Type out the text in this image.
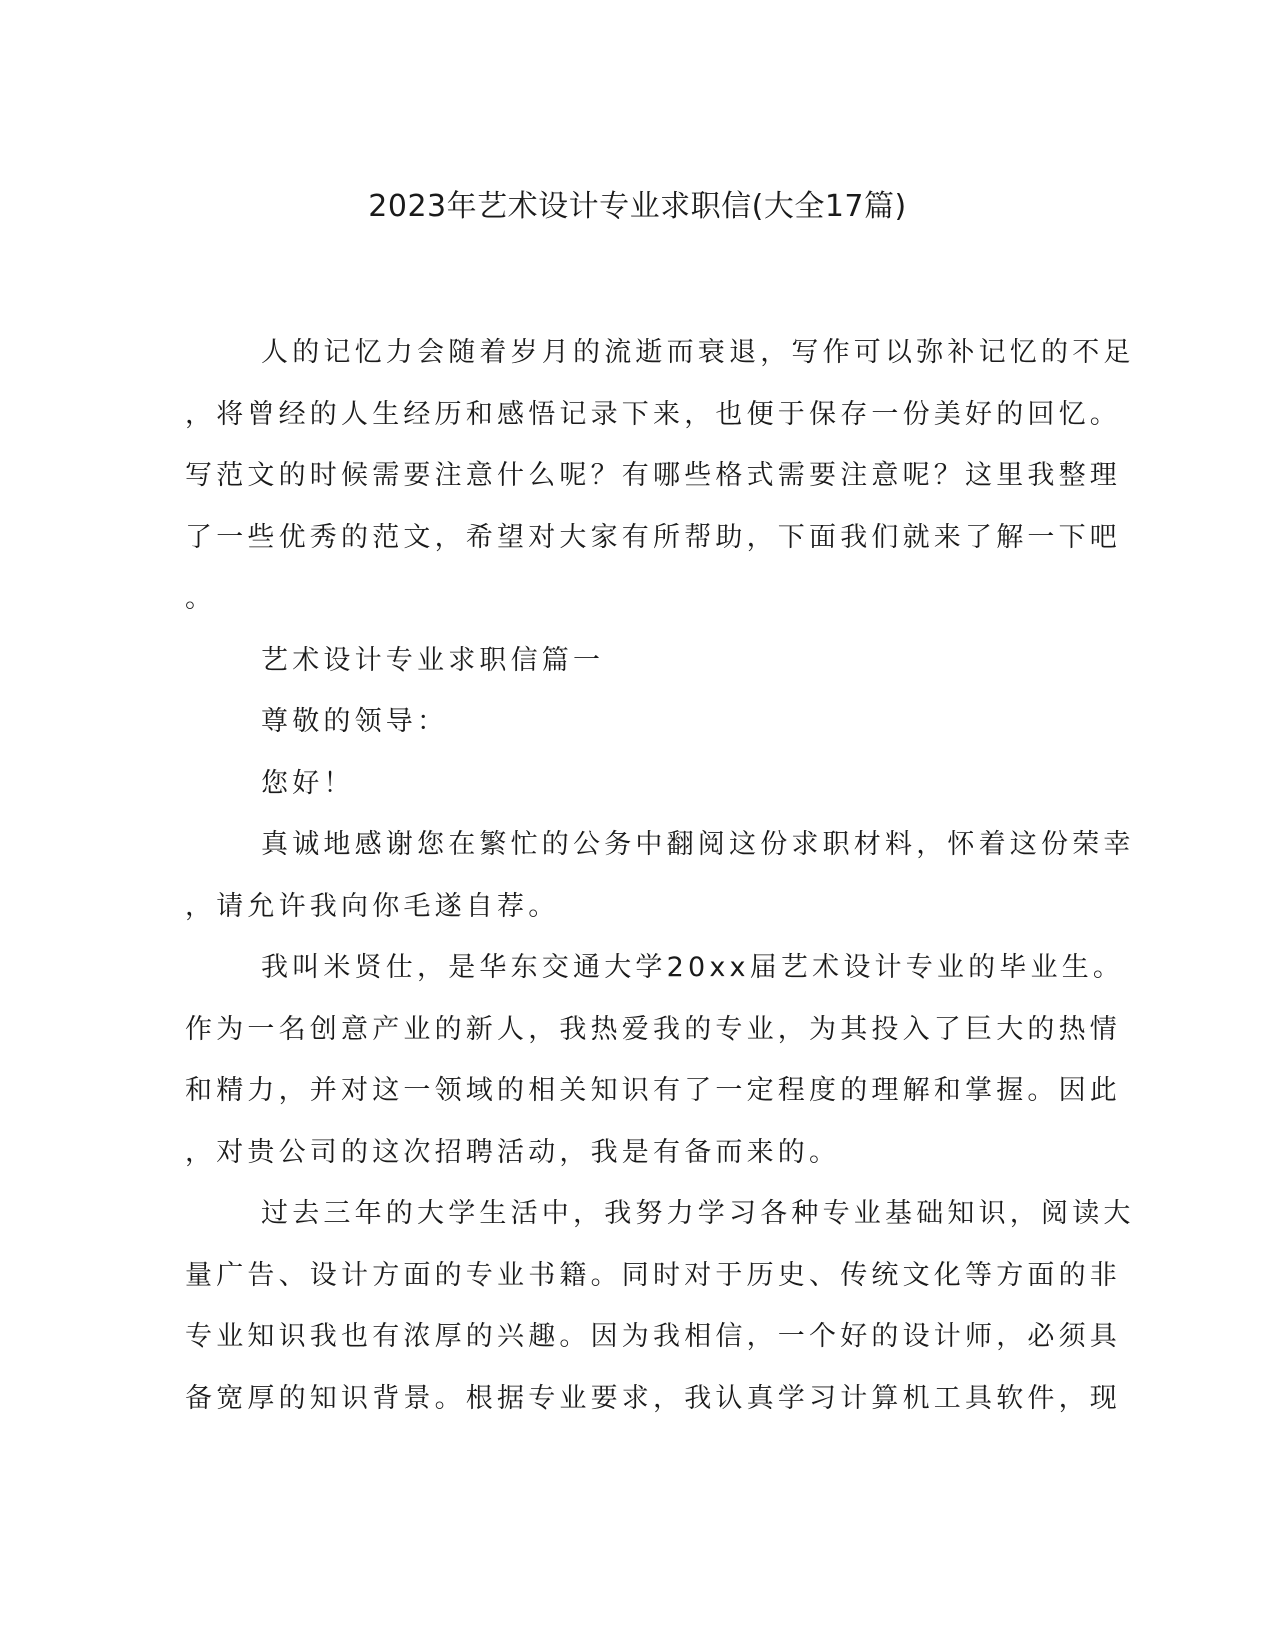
2023年艺术设计专业求职信(大全17篇)
人的记忆力会随着岁月的流逝而衰退，写作可以弥补记忆的不足
，将曾经的人生经历和感悟记录下来，也便于保存一份美好的回忆。
写范文的时候需要注意什么呢？有哪些格式需要注意呢？这里我整理
了一些优秀的范文，希望对大家有所帮助，下面我们就来了解一下吧
。
艺术设计专业求职信篇一
尊敬的领导：
您好！
真诚地感谢您在繁忙的公务中翻阅这份求职材料，怀着这份荣幸
，请允许我向你毛遂自荐。
我叫米贤仕，是华东交通大学20xx届艺术设计专业的毕业生。
作为一名创意产业的新人，我热爱我的专业，为其投入了巨大的热情
和精力，并对这一领域的相关知识有了一定程度的理解和掌握。因此
，对贵公司的这次招聘活动，我是有备而来的。
过去三年的大学生活中，我努力学习各种专业基础知识，阅读大
量广告、设计方面的专业书籍。同时对于历史、传统文化等方面的非
专业知识我也有浓厚的兴趣。因为我相信，一个好的设计师，必须具
备宽厚的知识背景。根据专业要求，我认真学习计算机工具软件，现
